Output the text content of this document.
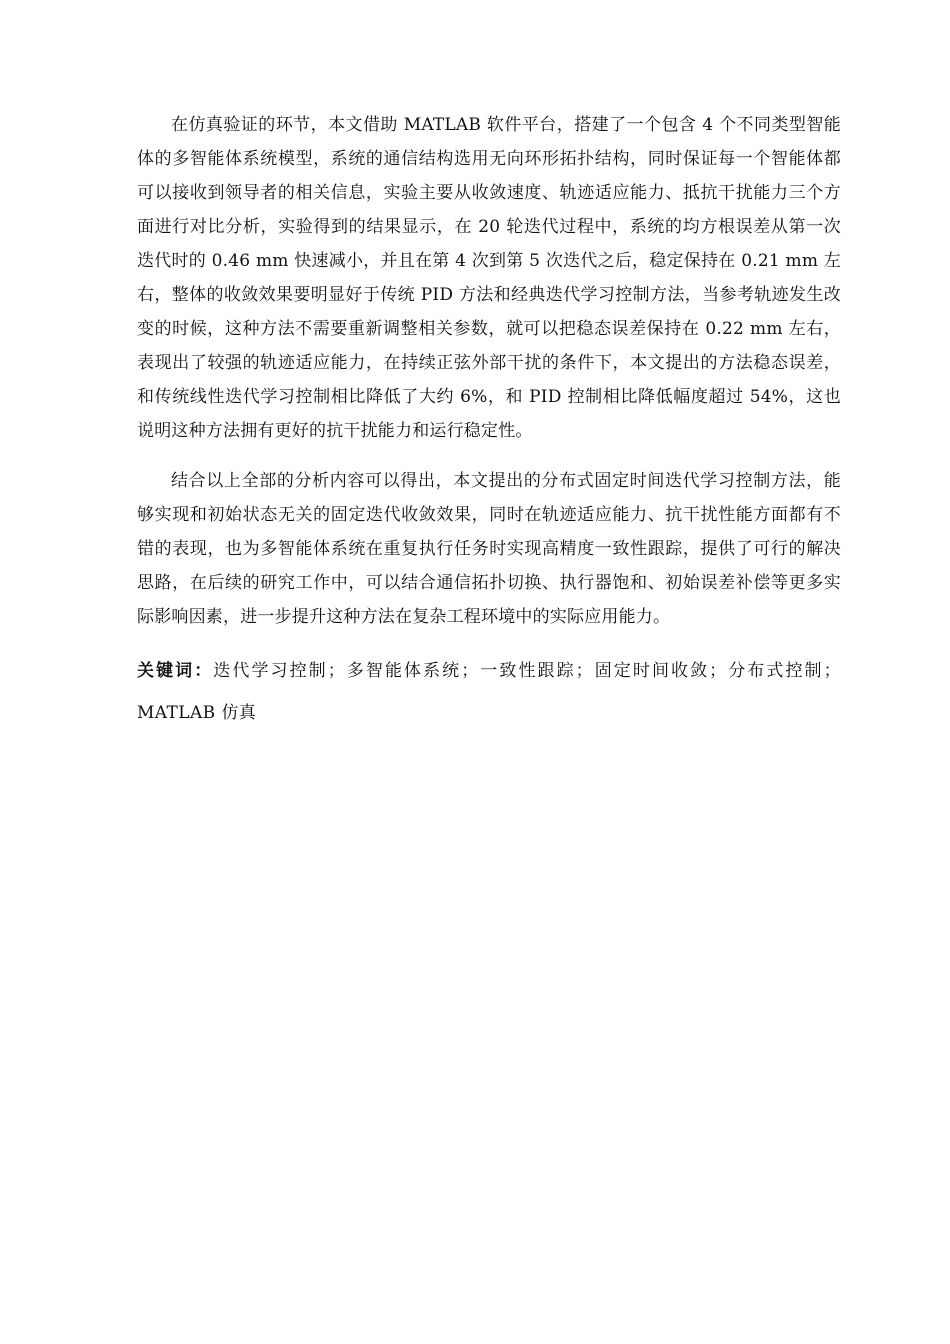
在仿真验证的环节，本文借助 MATLAB 软件平台，搭建了一个包含 4 个不同类型智能体的多智能体系统模型，系统的通信结构选用无向环形拓扑结构，同时保证每一个智能体都可以接收到领导者的相关信息，实验主要从收敛速度、轨迹适应能力、抵抗干扰能力三个方面进行对比分析，实验得到的结果显示，在 20 轮迭代过程中，系统的均方根误差从第一次迭代时的 0.46 mm 快速减小，并且在第 4 次到第 5 次迭代之后，稳定保持在 0.21 mm 左右，整体的收敛效果要明显好于传统 PID 方法和经典迭代学习控制方法，当参考轨迹发生改变的时候，这种方法不需要重新调整相关参数，就可以把稳态误差保持在 0.22 mm 左右，表现出了较强的轨迹适应能力，在持续正弦外部干扰的条件下，本文提出的方法稳态误差，和传统线性迭代学习控制相比降低了大约 6%，和 PID 控制相比降低幅度超过 54%，这也说明这种方法拥有更好的抗干扰能力和运行稳定性。

结合以上全部的分析内容可以得出，本文提出的分布式固定时间迭代学习控制方法，能够实现和初始状态无关的固定迭代收敛效果，同时在轨迹适应能力、抗干扰性能方面都有不错的表现，也为多智能体系统在重复执行任务时实现高精度一致性跟踪，提供了可行的解决思路，在后续的研究工作中，可以结合通信拓扑切换、执行器饱和、初始误差补偿等更多实际影响因素，进一步提升这种方法在复杂工程环境中的实际应用能力。

关键词：迭代学习控制；多智能体系统；一致性跟踪；固定时间收敛；分布式控制；MATLAB 仿真
